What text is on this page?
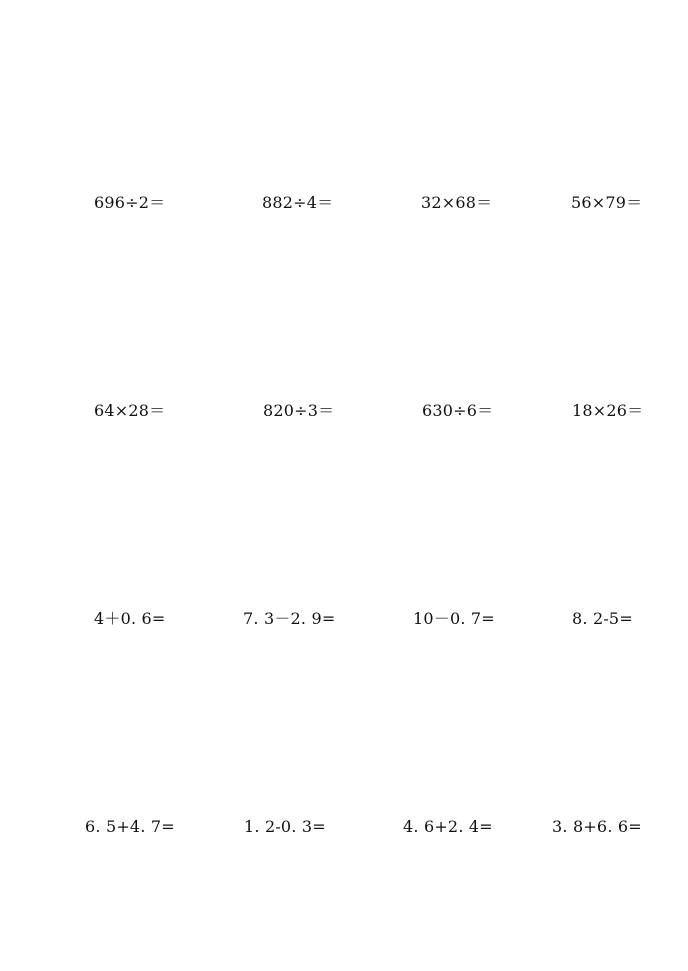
696÷2＝	882÷4＝	32×68＝	56×79＝
64×28＝	820÷3＝	630÷6＝	18×26＝
4＋0. 6=	7. 3－2. 9=	10－0. 7=	8. 2-5=
6. 5+4. 7=	1. 2-0. 3=	4. 6+2. 4=	3. 8+6. 6=
